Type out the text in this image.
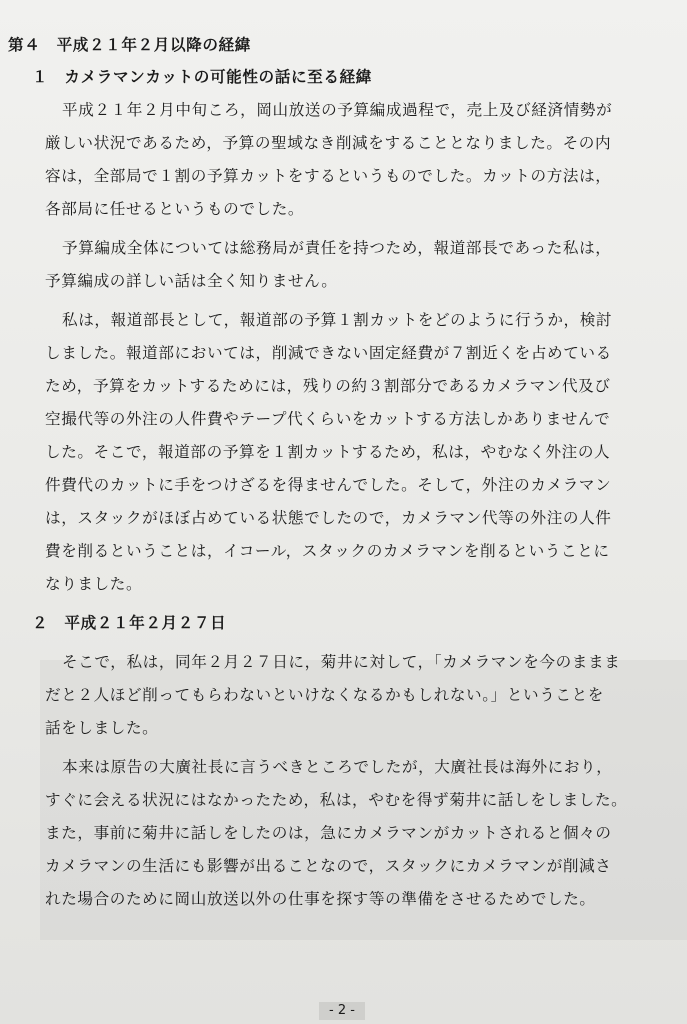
第４　平成２１年２月以降の経緯
１　カメラマンカットの可能性の話に至る経緯
平成２１年２月中旬ころ，岡山放送の予算編成過程で，売上及び経済情勢が
厳しい状況であるため，予算の聖域なき削減をすることとなりました。その内
容は，全部局で１割の予算カットをするというものでした。カットの方法は，
各部局に任せるというものでした。
予算編成全体については総務局が責任を持つため，報道部長であった私は，
予算編成の詳しい話は全く知りません。
私は，報道部長として，報道部の予算１割カットをどのように行うか，検討
しました。報道部においては，削減できない固定経費が７割近くを占めている
ため，予算をカットするためには，残りの約３割部分であるカメラマン代及び
空撮代等の外注の人件費やテープ代くらいをカットする方法しかありませんで
した。そこで，報道部の予算を１割カットするため，私は，やむなく外注の人
件費代のカットに手をつけざるを得ませんでした。そして，外注のカメラマン
は，スタックがほぼ占めている状態でしたので，カメラマン代等の外注の人件
費を削るということは，イコール，スタックのカメラマンを削るということに
なりました。
２　平成２１年２月２７日
そこで，私は，同年２月２７日に，菊井に対して，「カメラマンを今のままま
だと２人ほど削ってもらわないといけなくなるかもしれない。」ということを
話をしました。
本来は原告の大廣社長に言うべきところでしたが，大廣社長は海外におり，
すぐに会える状況にはなかったため，私は，やむを得ず菊井に話しをしました。
また，事前に菊井に話しをしたのは，急にカメラマンがカットされると個々の
カメラマンの生活にも影響が出ることなので，スタックにカメラマンが削減さ
れた場合のために岡山放送以外の仕事を探す等の準備をさせるためでした。
- 2 -
